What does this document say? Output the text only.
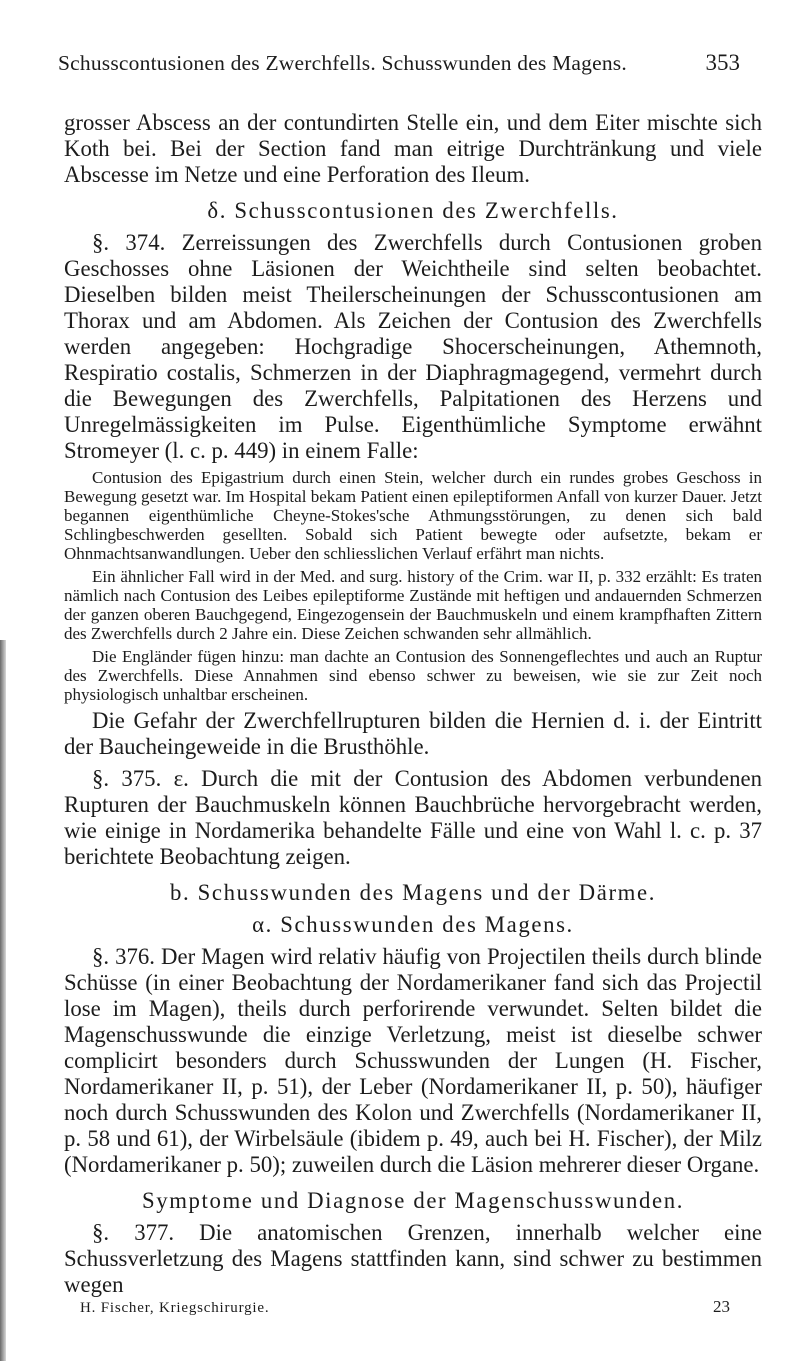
Schusscontusionen des Zwerchfells. Schusswunden des Magens.	353

grosser Abscess an der contundirten Stelle ein, und dem Eiter mischte sich Koth bei. Bei der Section fand man eitrige Durchtränkung und viele Abscesse im Netze und eine Perforation des Ileum.

δ. Schusscontusionen des Zwerchfells.

§. 374. Zerreissungen des Zwerchfells durch Contusionen groben Geschosses ohne Läsionen der Weichtheile sind selten beobachtet. Dieselben bilden meist Theilerscheinungen der Schusscontusionen am Thorax und am Abdomen. Als Zeichen der Contusion des Zwerchfells werden angegeben: Hochgradige Shocerscheinungen, Athemnoth, Respiratio costalis, Schmerzen in der Diaphragmagegend, vermehrt durch die Bewegungen des Zwerchfells, Palpitationen des Herzens und Unregelmässigkeiten im Pulse. Eigenthümliche Symptome erwähnt Stromeyer (l. c. p. 449) in einem Falle:

Contusion des Epigastrium durch einen Stein, welcher durch ein rundes grobes Geschoss in Bewegung gesetzt war. Im Hospital bekam Patient einen epileptiformen Anfall von kurzer Dauer. Jetzt begannen eigenthümliche Cheyne-Stokes'sche Athmungsstörungen, zu denen sich bald Schlingbeschwerden gesellten. Sobald sich Patient bewegte oder aufsetzte, bekam er Ohnmachtsanwandlungen. Ueber den schliesslichen Verlauf erfährt man nichts.

Ein ähnlicher Fall wird in der Med. and surg. history of the Crim. war II, p. 332 erzählt: Es traten nämlich nach Contusion des Leibes epileptiforme Zustände mit heftigen und andauernden Schmerzen der ganzen oberen Bauchgegend, Eingezogensein der Bauchmuskeln und einem krampfhaften Zittern des Zwerchfells durch 2 Jahre ein. Diese Zeichen schwanden sehr allmählich.

Die Engländer fügen hinzu: man dachte an Contusion des Sonnengeflechtes und auch an Ruptur des Zwerchfells. Diese Annahmen sind ebenso schwer zu beweisen, wie sie zur Zeit noch physiologisch unhaltbar erscheinen.

Die Gefahr der Zwerchfellrupturen bilden die Hernien d. i. der Eintritt der Baucheingeweide in die Brusthöhle.

§. 375. ε. Durch die mit der Contusion des Abdomen verbundenen Rupturen der Bauchmuskeln können Bauchbrüche hervorgebracht werden, wie einige in Nordamerika behandelte Fälle und eine von Wahl l. c. p. 37 berichtete Beobachtung zeigen.

b. Schusswunden des Magens und der Därme.

α. Schusswunden des Magens.

§. 376. Der Magen wird relativ häufig von Projectilen theils durch blinde Schüsse (in einer Beobachtung der Nordamerikaner fand sich das Projectil lose im Magen), theils durch perforirende verwundet. Selten bildet die Magenschusswunde die einzige Verletzung, meist ist dieselbe schwer complicirt besonders durch Schusswunden der Lungen (H. Fischer, Nordamerikaner II, p. 51), der Leber (Nordamerikaner II, p. 50), häufiger noch durch Schusswunden des Kolon und Zwerchfells (Nordamerikaner II, p. 58 und 61), der Wirbelsäule (ibidem p. 49, auch bei H. Fischer), der Milz (Nordamerikaner p. 50); zuweilen durch die Läsion mehrerer dieser Organe.

Symptome und Diagnose der Magenschusswunden.

§. 377. Die anatomischen Grenzen, innerhalb welcher eine Schussverletzung des Magens stattfinden kann, sind schwer zu bestimmen wegen

H. Fischer, Kriegschirurgie.	23
